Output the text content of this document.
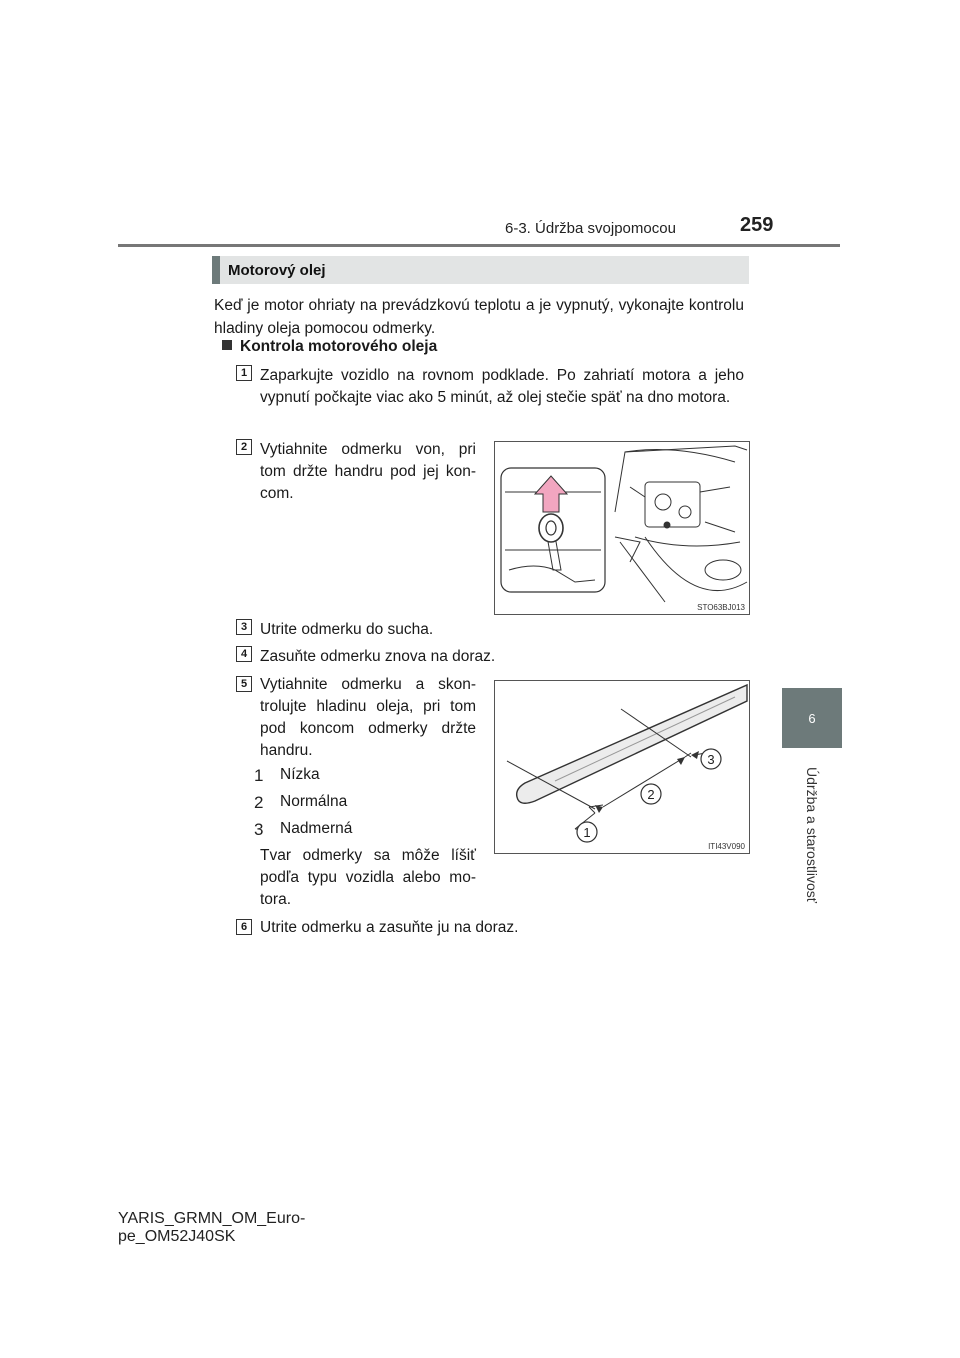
6-3. Údržba svojpomocou	259
6
Údržba a starostlivosť
Motorový olej
Keď je motor ohriaty na prevádzkovú teplotu a je vypnutý, vykonajte kontrolu hladiny oleja pomocou odmerky.
Kontrola motorového oleja
1 Zaparkujte vozidlo na rovnom podklade. Po zahriatí motora a jeho vypnutí počkajte viac ako 5 minút, až olej stečie späť na dno motora.
2 Vytiahnite odmerku von, pri tom držte handru pod jej kon-com.
STO63BJ013
3 Utrite odmerku do sucha.
4 Zasuňte odmerku znova na doraz.
5 Vytiahnite odmerku a skon-trolujte hladinu oleja, pri tom pod koncom odmerky držte handru.
1 Nízka
2 Normálna
3 Nadmerná
Tvar odmerky sa môže líšiť podľa typu vozidla alebo mo-tora.
1
2
3
ITI43V090
6 Utrite odmerku a zasuňte ju na doraz.
YARIS_GRMN_OM_Euro-
pe_OM52J40SK
